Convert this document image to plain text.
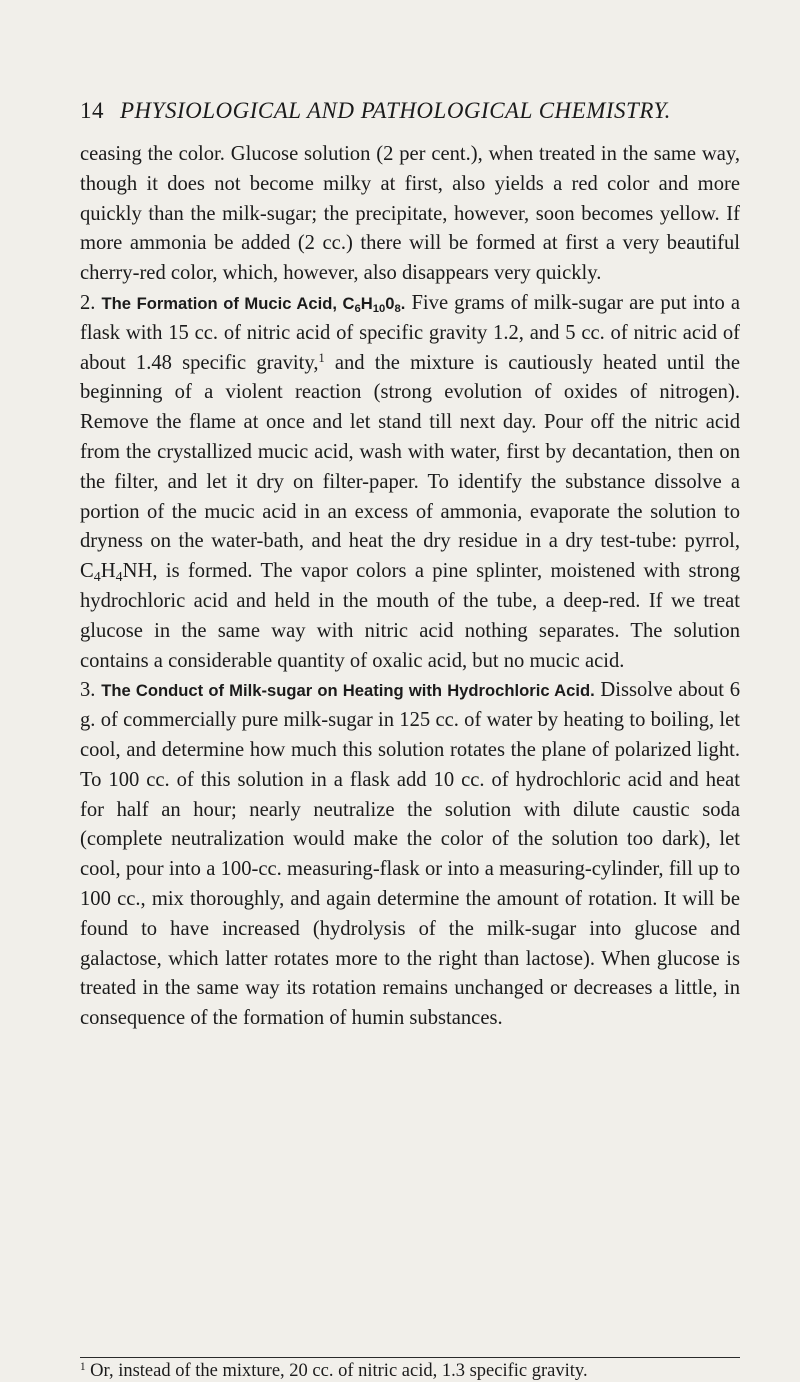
14 PHYSIOLOGICAL AND PATHOLOGICAL CHEMISTRY.

ceasing the color. Glucose solution (2 per cent.), when treated in the same way, though it does not become milky at first, also yields a red color and more quickly than the milk-sugar; the precipitate, however, soon becomes yellow. If more ammonia be added (2 cc.) there will be formed at first a very beautiful cherry-red color, which, however, also disappears very quickly.

2. The Formation of Mucic Acid, $C_6H_{10}0_8$. Five grams of milk-sugar are put into a flask with 15 cc. of nitric acid of specific gravity 1.2, and 5 cc. of nitric acid of about 1.48 specific gravity,$^1$ and the mixture is cautiously heated until the beginning of a violent reaction (strong evolution of oxides of nitrogen). Remove the flame at once and let stand till next day. Pour off the nitric acid from the crystallized mucic acid, wash with water, first by decantation, then on the filter, and let it dry on filter-paper. To identify the substance dissolve a portion of the mucic acid in an excess of ammonia, evaporate the solution to dryness on the water-bath, and heat the dry residue in a dry test-tube: pyrrol, $C_4H_4NH$, is formed. The vapor colors a pine splinter, moistened with strong hydrochloric acid and held in the mouth of the tube, a deep-red. If we treat glucose in the same way with nitric acid nothing separates. The solution contains a considerable quantity of oxalic acid, but no mucic acid.

3. The Conduct of Milk-sugar on Heating with Hydrochloric Acid. Dissolve about 6 g. of commercially pure milk-sugar in 125 cc. of water by heating to boiling, let cool, and determine how much this solution rotates the plane of polarized light. To 100 cc. of this solution in a flask add 10 cc. of hydrochloric acid and heat for half an hour; nearly neutralize the solution with dilute caustic soda (complete neutralization would make the color of the solution too dark), let cool, pour into a 100-cc. measuring-flask or into a measuring-cylinder, fill up to 100 cc., mix thoroughly, and again determine the amount of rotation. It will be found to have increased (hydrolysis of the milk-sugar into glucose and galactose, which latter rotates more to the right than lactose). When glucose is treated in the same way its rotation remains unchanged or decreases a little, in consequence of the formation of humin substances.

$^1$ Or, instead of the mixture, 20 cc. of nitric acid, 1.3 specific gravity.
